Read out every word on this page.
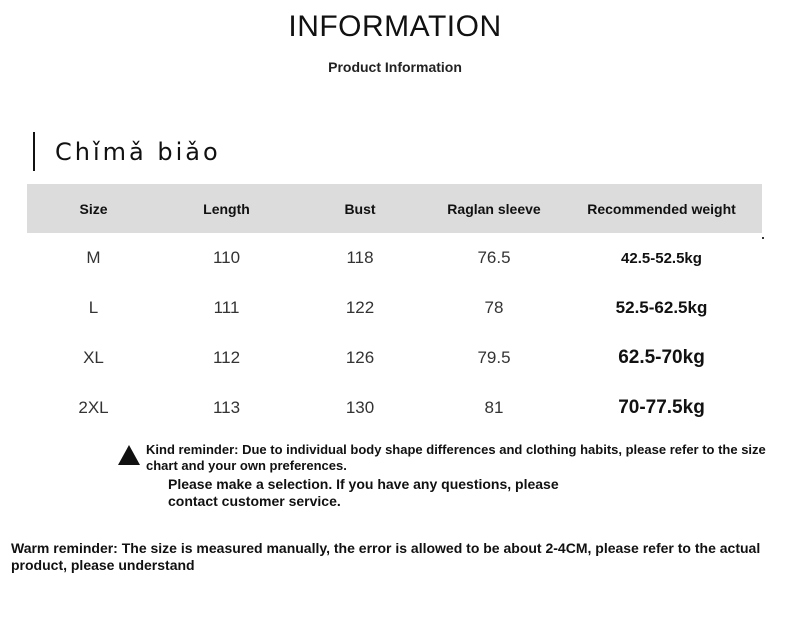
INFORMATION
Product Information
Chǐmǎ biǎo
Size	Length	Bust	Raglan sleeve	Recommended weight
M	110	118	76.5	42.5-52.5kg
L	111	122	78	52.5-62.5kg
XL	112	126	79.5	62.5-70kg
2XL	113	130	81	70-77.5kg
Kind reminder: Due to individual body shape differences and clothing habits, please refer to the size chart and your own preferences.
Please make a selection. If you have any questions, please contact customer service.
Warm reminder: The size is measured manually, the error is allowed to be about 2-4CM, please refer to the actual product, please understand
